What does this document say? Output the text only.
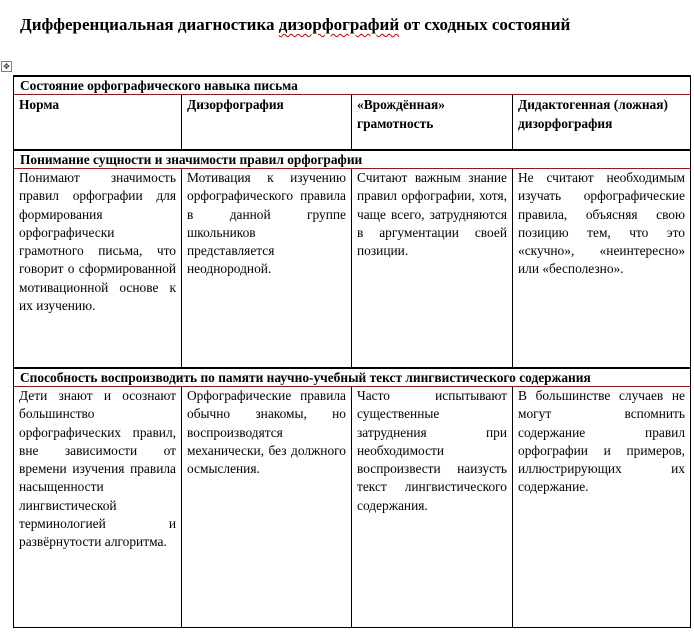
Дифференциальная диагностика дизорфографий от сходных состояний
✥
Состояние орфографического навыка письма			
Норма	Дизорфография	«Врождённая» грамотность	Дидактогенная (ложная) дизорфография
Понимание сущности и значимости правил орфографии			
Понимают значимость правил орфографии для формирования орфографически грамотного письма, что говорит о сформированной мотивационной основе к их изучению.	Мотивация к изучению орфографического правила в данной группе школьников представляется неоднородной.	Считают важным знание правил орфографии, хотя, чаще всего, затрудняются в аргументации своей позиции.	Не считают необходимым изучать орфографические правила, объясняя свою позицию тем, что это «скучно», «неинтересно» или «бесполезно».
Способность воспроизводить по памяти научно-учебный текст лингвистического содержания			
Дети знают и осознают большинство орфографических правил, вне зависимости от времени изучения правила насыщенности лингвистической терминологией и развёрнутости алгоритма.	Орфографические правила обычно знакомы, но воспроизводятся механически, без должного осмысления.	Часто испытывают существенные затруднения при необходимости воспроизвести наизусть текст лингвистического содержания.	В большинстве случаев не могут вспомнить содержание правил орфографии и примеров, иллюстрирующих их содержание.
